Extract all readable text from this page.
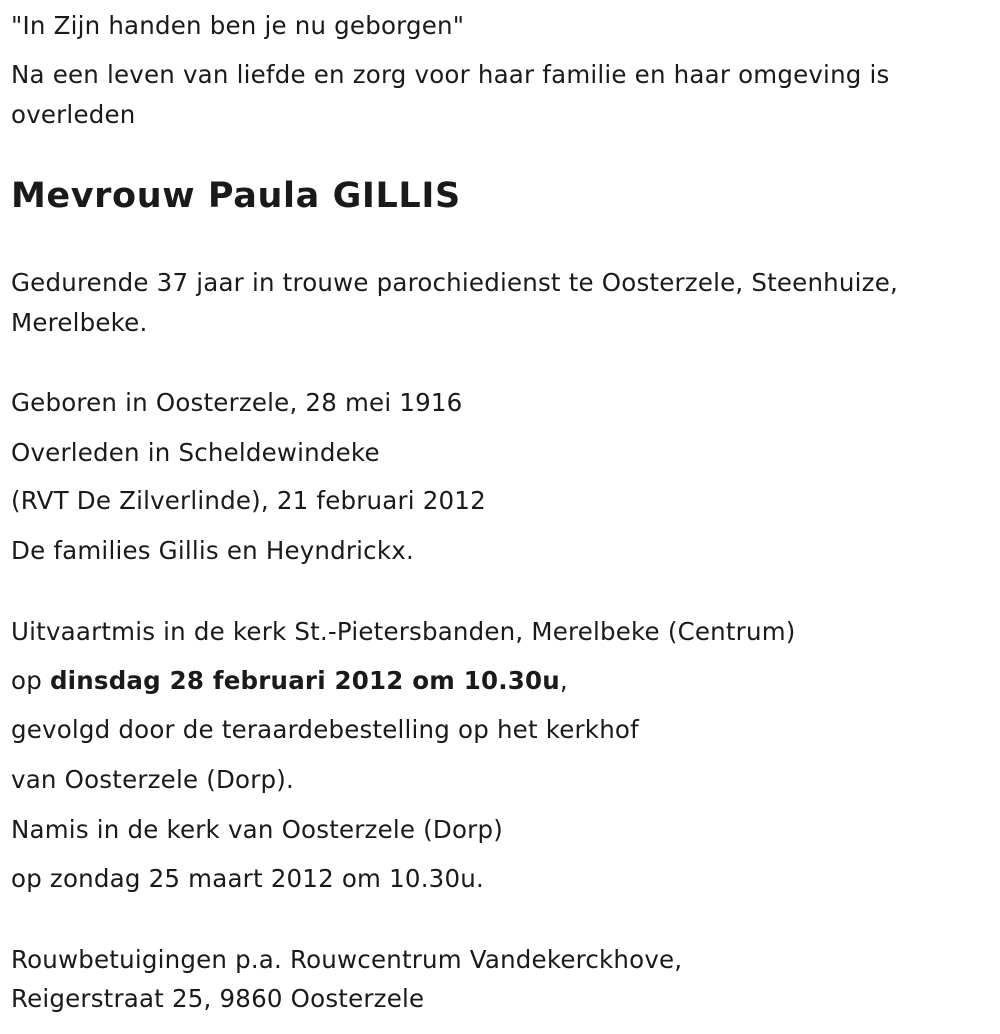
"In Zijn handen ben je nu geborgen"
Na een leven van liefde en zorg voor haar familie en haar omgeving is overleden
Mevrouw Paula GILLIS
Gedurende 37 jaar in trouwe parochiedienst te Oosterzele, Steenhuize, Merelbeke.
Geboren in Oosterzele, 28 mei 1916
Overleden in Scheldewindeke
(RVT De Zilverlinde), 21 februari 2012
De families Gillis en Heyndrickx.
Uitvaartmis in de kerk St.-Pietersbanden, Merelbeke (Centrum)
op dinsdag 28 februari 2012 om 10.30u,
gevolgd door de teraardebestelling op het kerkhof
van Oosterzele (Dorp).
Namis in de kerk van Oosterzele (Dorp)
op zondag 25 maart 2012 om 10.30u.
Rouwbetuigingen p.a. Rouwcentrum Vandekerckhove,
Reigerstraat 25, 9860 Oosterzele
